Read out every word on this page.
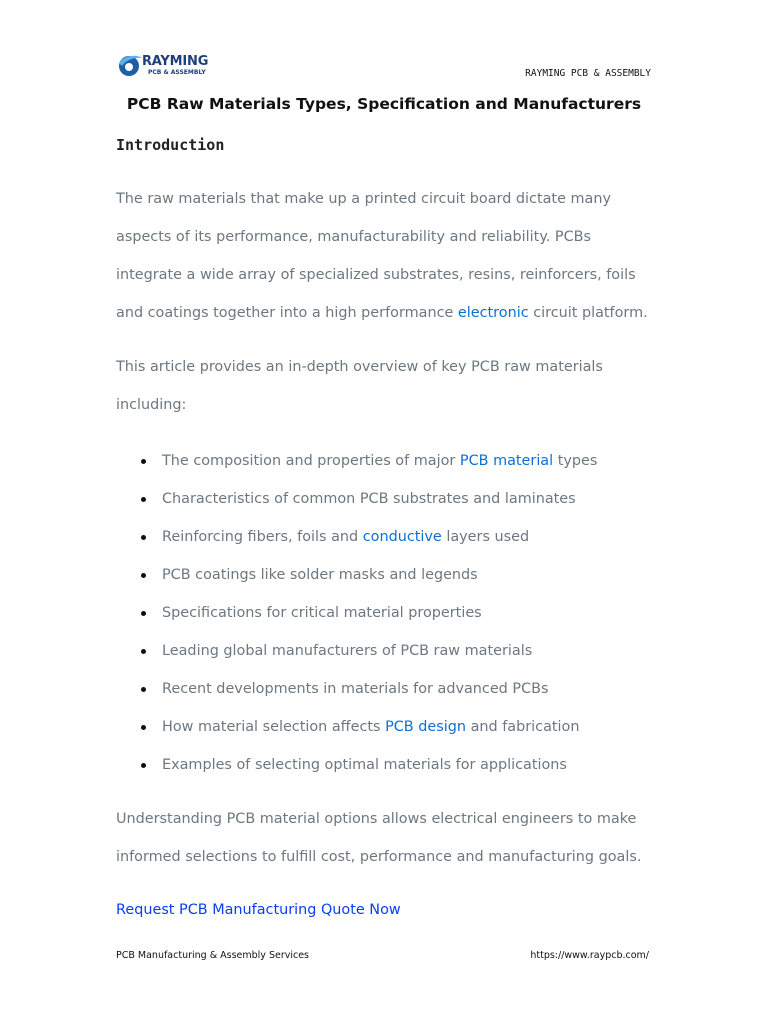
RAYMING
PCB & ASSEMBLY	RAYMING PCB & ASSEMBLY
PCB Raw Materials Types, Specification and Manufacturers
Introduction

The raw materials that make up a printed circuit board dictate many aspects of its performance, manufacturability and reliability. PCBs integrate a wide array of specialized substrates, resins, reinforcers, foils and coatings together into a high performance electronic circuit platform.

This article provides an in-depth overview of key PCB raw materials including:

The composition and properties of major PCB material types
Characteristics of common PCB substrates and laminates
Reinforcing fibers, foils and conductive layers used
PCB coatings like solder masks and legends
Specifications for critical material properties
Leading global manufacturers of PCB raw materials
Recent developments in materials for advanced PCBs
How material selection affects PCB design and fabrication
Examples of selecting optimal materials for applications

Understanding PCB material options allows electrical engineers to make informed selections to fulfill cost, performance and manufacturing goals.

Request PCB Manufacturing Quote Now
PCB Manufacturing & Assembly Services	https://www.raypcb.com/
